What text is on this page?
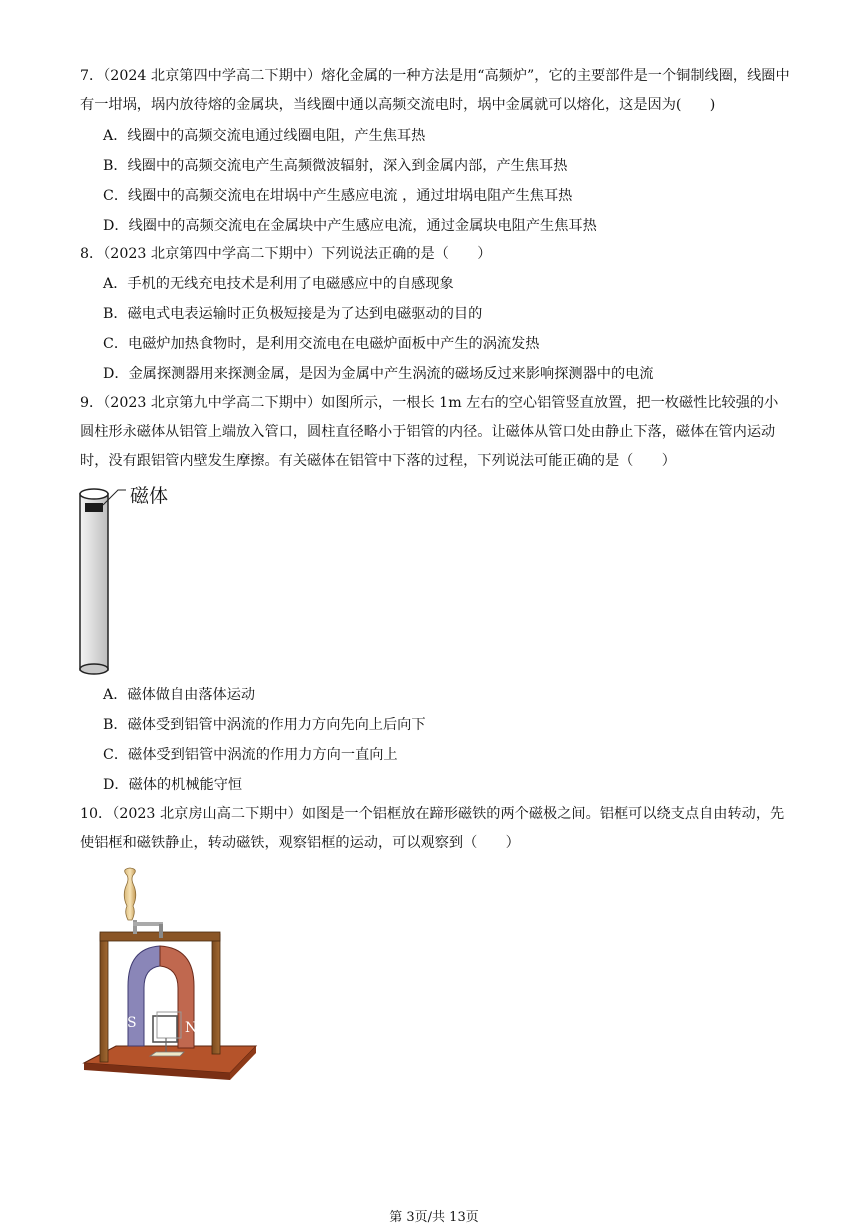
7．（2024 北京第四中学高二下期中）熔化金属的一种方法是用“高频炉”，它的主要部件是一个铜制线圈，线圈中有一坩埚，埚内放待熔的金属块，当线圈中通以高频交流电时，埚中金属就可以熔化，这是因为(　　)

A．线圈中的高频交流电通过线圈电阻，产生焦耳热
B．线圈中的高频交流电产生高频微波辐射，深入到金属内部，产生焦耳热
C．线圈中的高频交流电在坩埚中产生感应电流 ，通过坩埚电阻产生焦耳热
D．线圈中的高频交流电在金属块中产生感应电流，通过金属块电阻产生焦耳热

8．（2023 北京第四中学高二下期中）下列说法正确的是（　　）

A．手机的无线充电技术是利用了电磁感应中的自感现象
B．磁电式电表运输时正负极短接是为了达到电磁驱动的目的
C．电磁炉加热食物时，是利用交流电在电磁炉面板中产生的涡流发热
D．金属探测器用来探测金属，是因为金属中产生涡流的磁场反过来影响探测器中的电流

9．（2023 北京第九中学高二下期中）如图所示，一根长 1m 左右的空心铝管竖直放置，把一枚磁性比较强的小圆柱形永磁体从铝管上端放入管口，圆柱直径略小于铝管的内径。让磁体从管口处由静止下落，磁体在管内运动时，没有跟铝管内壁发生摩擦。有关磁体在铝管中下落的过程，下列说法可能正确的是（　　）

磁体
A．磁体做自由落体运动
B．磁体受到铝管中涡流的作用力方向先向上后向下
C．磁体受到铝管中涡流的作用力方向一直向上
D．磁体的机械能守恒

10．（2023 北京房山高二下期中）如图是一个铝框放在蹄形磁铁的两个磁极之间。铝框可以绕支点自由转动，先使铝框和磁铁静止，转动磁铁，观察铝框的运动，可以观察到（　　）

S	N
第 3页/共 13页
